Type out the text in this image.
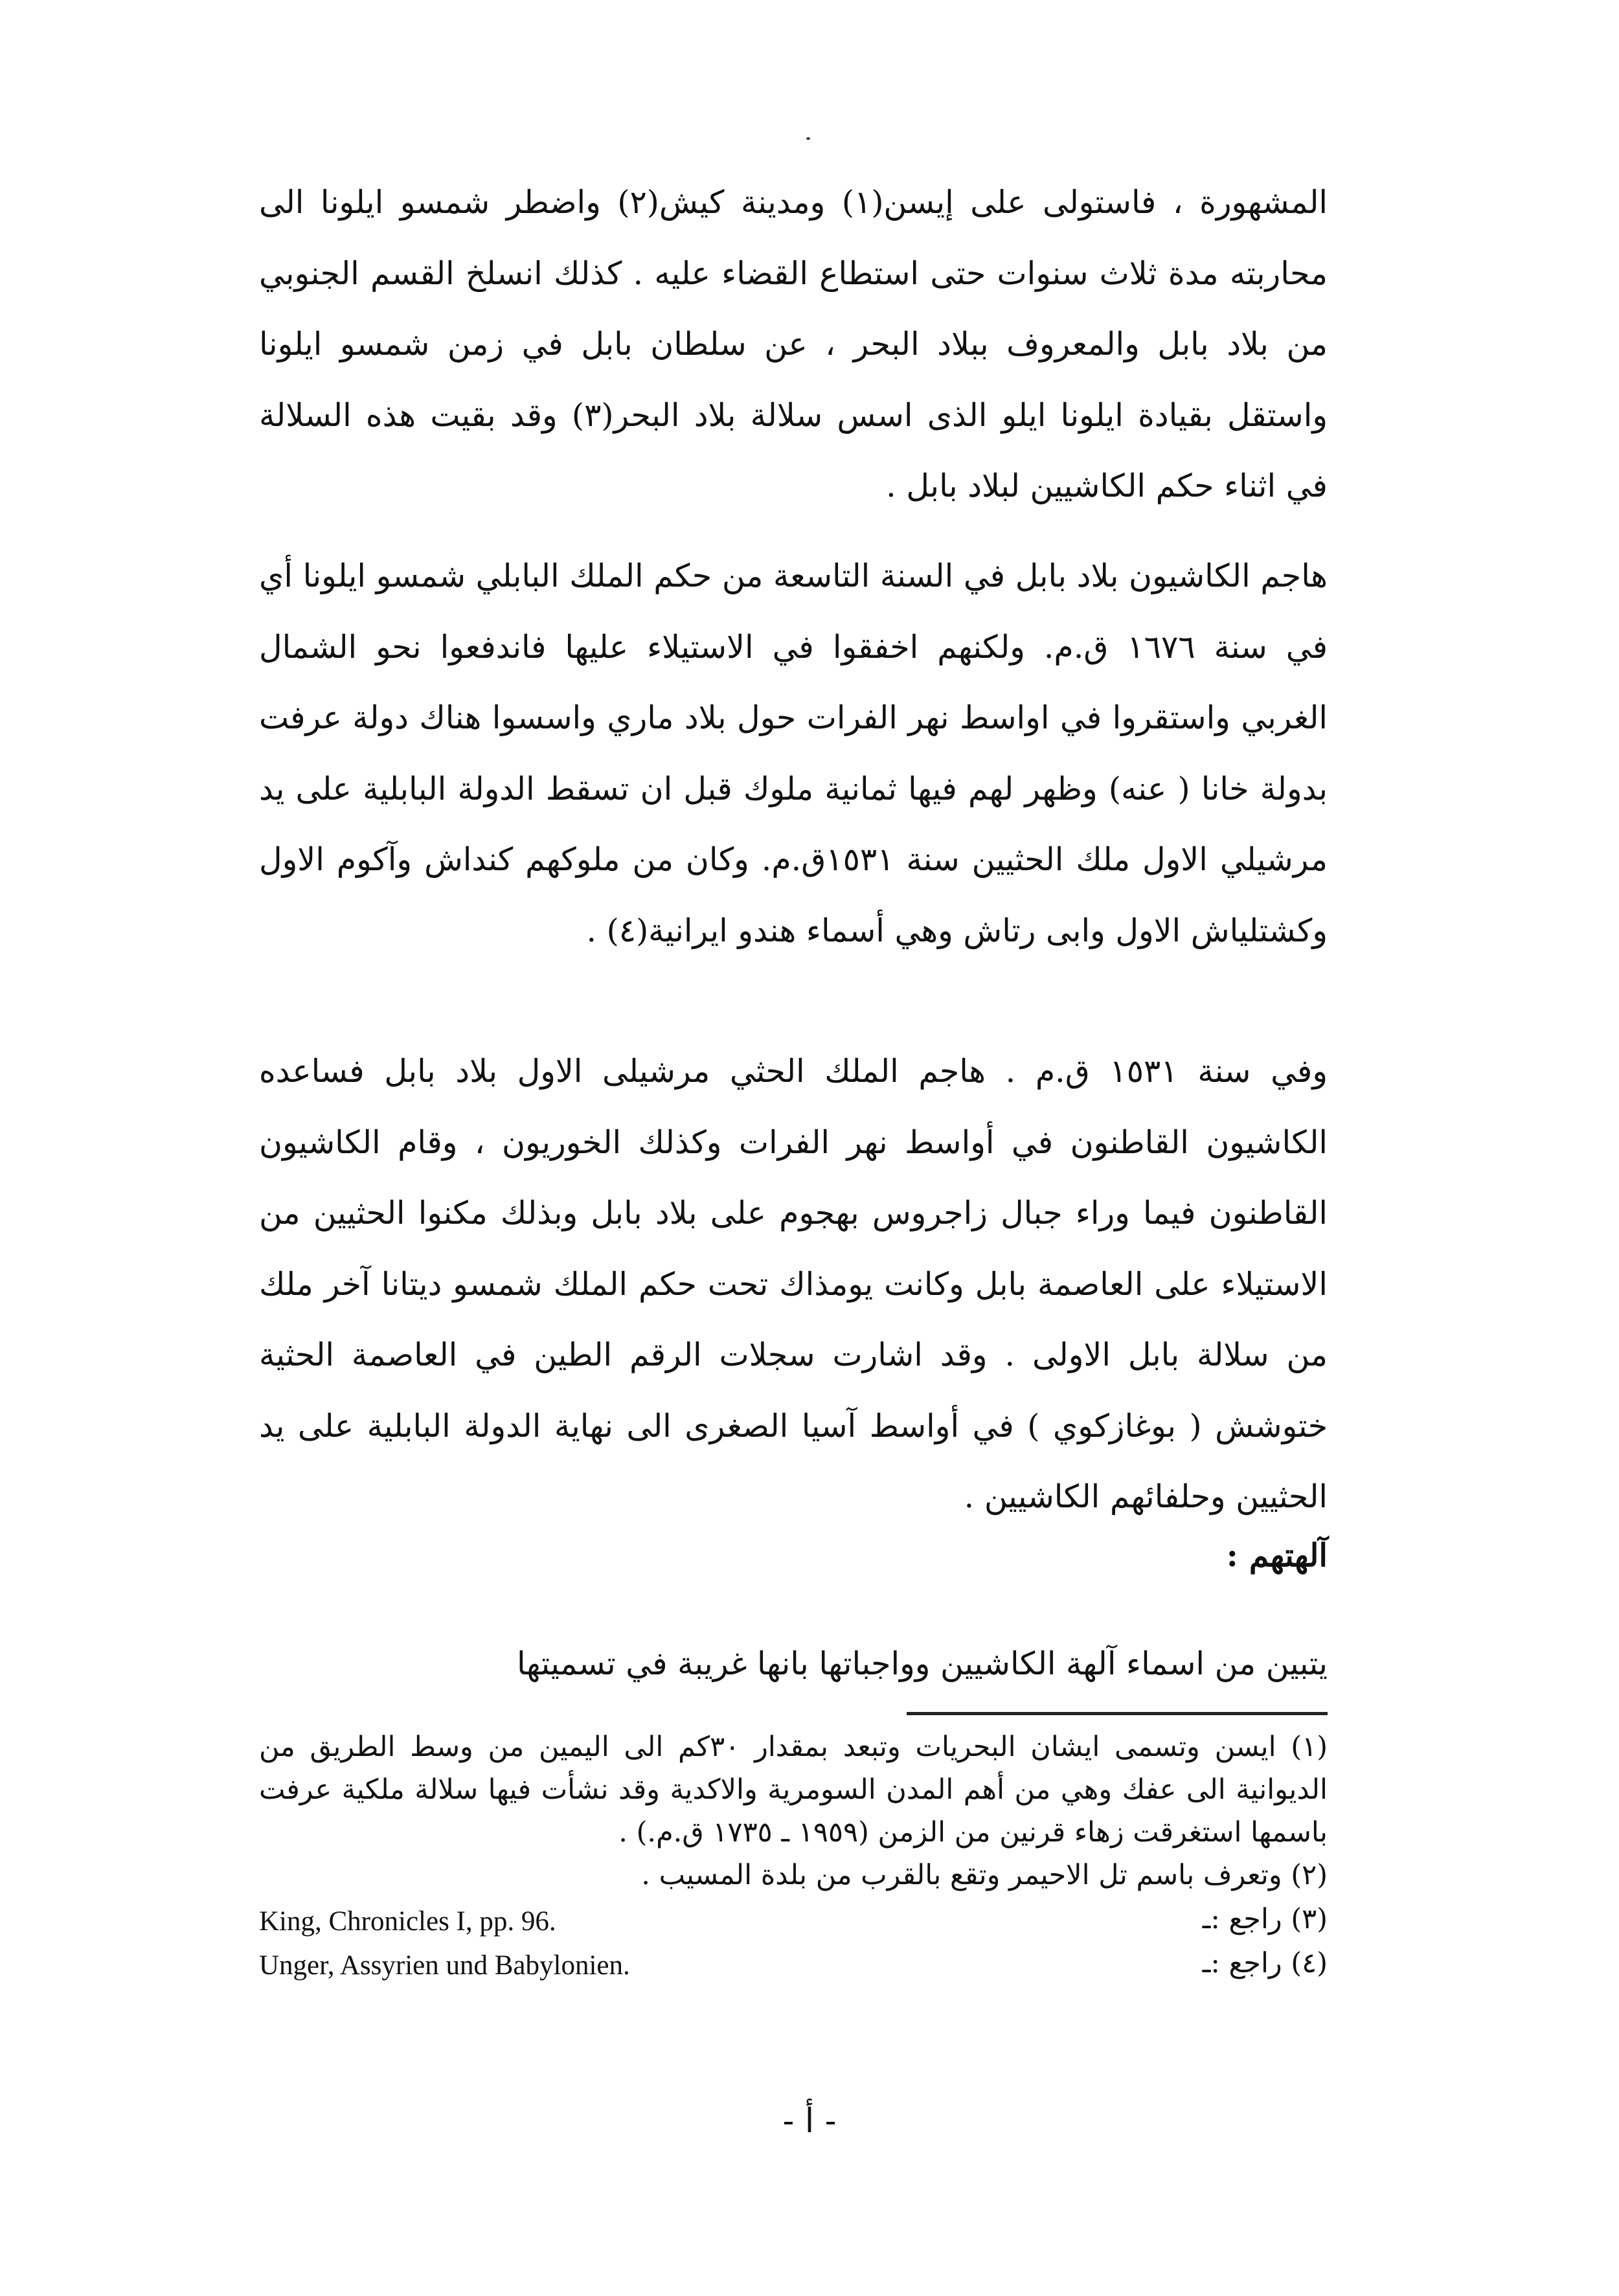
المشهورة ، فاستولى على إيسن(١) ومدينة كيش(٢) واضطر شمسو ايلونا الى محاربته مدة ثلاث سنوات حتى استطاع القضاء عليه . كذلك انسلخ القسم الجنوبي من بلاد بابل والمعروف ببلاد البحر ، عن سلطان بابل في زمن شمسو ايلونا واستقل بقيادة ايلونا ايلو الذى اسس سلالة بلاد البحر(٣) وقد بقيت هذه السلالة في اثناء حكم الكاشيين لبلاد بابل .

هاجم الكاشيون بلاد بابل في السنة التاسعة من حكم الملك البابلي شمسو ايلونا أي في سنة ١٦٧٦ ق.م. ولكنهم اخفقوا في الاستيلاء عليها فاندفعوا نحو الشمال الغربي واستقروا في اواسط نهر الفرات حول بلاد ماري واسسوا هناك دولة عرفت بدولة خانا ( عنه) وظهر لهم فيها ثمانية ملوك قبل ان تسقط الدولة البابلية على يد مرشيلي الاول ملك الحثيين سنة ١٥٣١ق.م. وكان من ملوكهم كنداش وآكوم الاول وكشتلياش الاول وابى رتاش وهي أسماء هندو ايرانية(٤) .

وفي سنة ١٥٣١ ق.م . هاجم الملك الحثي مرشيلى الاول بلاد بابل فساعده الكاشيون القاطنون في أواسط نهر الفرات وكذلك الخوريون ، وقام الكاشيون القاطنون فيما وراء جبال زاجروس بهجوم على بلاد بابل وبذلك مكنوا الحثيين من الاستيلاء على العاصمة بابل وكانت يومذاك تحت حكم الملك شمسو ديتانا آخر ملك من سلالة بابل الاولى . وقد اشارت سجلات الرقم الطين في العاصمة الحثية ختوشش ( بوغازكوي ) في أواسط آسيا الصغرى الى نهاية الدولة البابلية على يد الحثيين وحلفائهم الكاشيين .

آلهتهم :

يتبين من اسماء آلهة الكاشيين وواجباتها بانها غريبة في تسميتها

(١) ايسن وتسمى ايشان البحريات وتبعد بمقدار ٣٠كم الى اليمين من وسط الطريق من الديوانية الى عفك وهي من أهم المدن السومرية والاكدية وقد نشأت فيها سلالة ملكية عرفت باسمها استغرقت زهاء قرنين من الزمن (١٩٥٩ ـ ١٧٣٥ ق.م.) .

(٢) وتعرف باسم تل الاحيمر وتقع بالقرب من بلدة المسيب .
(٣) راجع :ـ
King, Chronicles I, pp. 96.
(٤) راجع :ـ
Unger, Assyrien und Babylonien.
- أ -
